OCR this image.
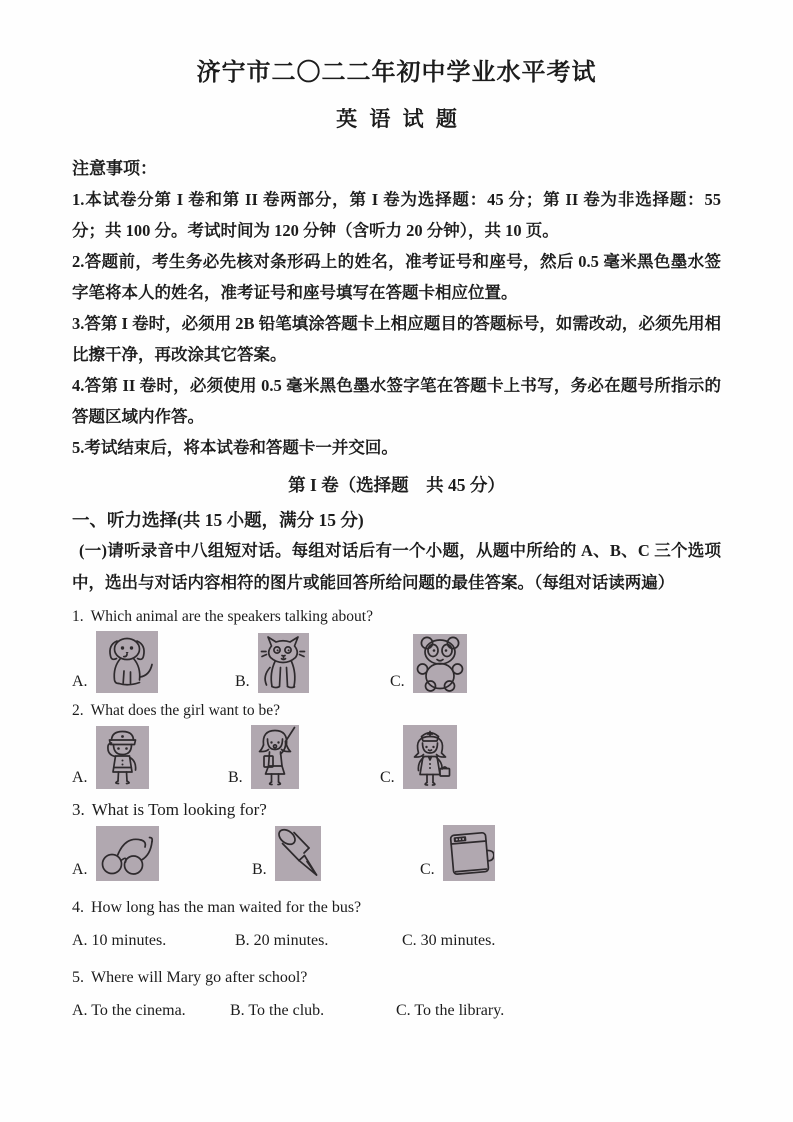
济宁市二〇二二年初中学业水平考试
英 语 试 题
注意事项：

1.本试卷分第 I 卷和第 II 卷两部分，第 I 卷为选择题：45 分；第 II 卷为非选择题：55 分；共 100 分。考试时间为 120 分钟（含听力 20 分钟），共 10 页。

2.答题前，考生务必先核对条形码上的姓名，准考证号和座号，然后 0.5 毫米黑色墨水签字笔将本人的姓名，准考证号和座号填写在答题卡相应位置。

3.答第 I 卷时，必须用 2B 铅笔填涂答题卡上相应题目的答题标号，如需改动，必须先用相比擦干净，再改涂其它答案。

4.答第 II 卷时，必须使用 0.5 毫米黑色墨水签字笔在答题卡上书写，务必在题号所指示的答题区域内作答。

5.考试结束后，将本试卷和答题卡一并交回。

第 I 卷（选择题　共 45 分）
一、听力选择(共 15 小题，满分 15 分)

(一)请听录音中八组短对话。每组对话后有一个小题，从题中所给的 A、B、C 三个选项中，选出与对话内容相符的图片或能回答所给问题的最佳答案。（每组对话读两遍）

1. Which animal are the speakers talking about?

A.	B.	C.

2. What does the girl want to be?

A.	B.	C.

3. What is Tom looking for?

A.	B.	C.

4. How long has the man waited for the bus?

A. 10 minutes.	B. 20 minutes.	C. 30 minutes.

5. Where will Mary go after school?

A. To the cinema.	B. To the club.	C. To the library.
